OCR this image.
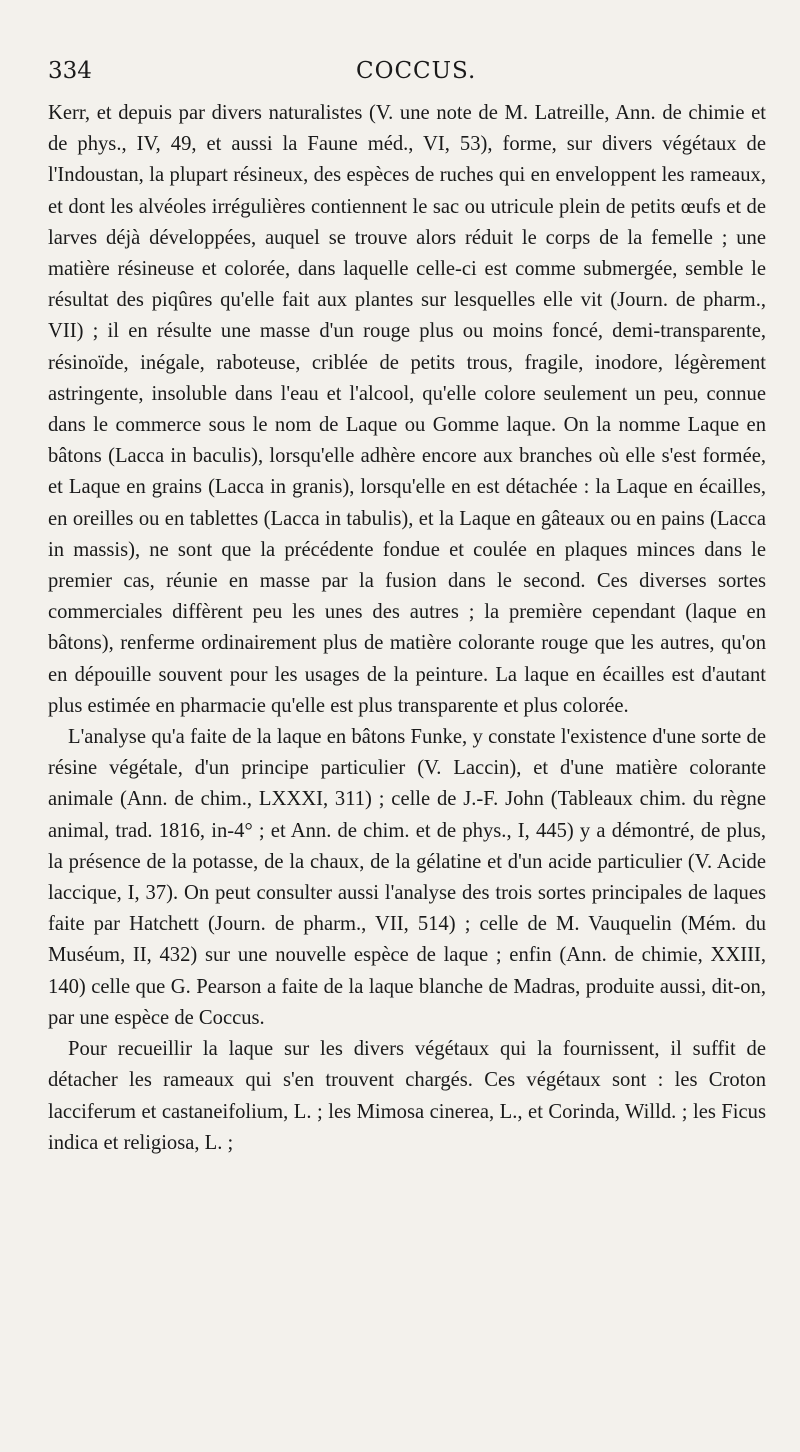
334	COCCUS.

Kerr, et depuis par divers naturalistes (V. une note de M. Latreille, Ann. de chimie et de phys., IV, 49, et aussi la Faune méd., VI, 53), forme, sur divers végétaux de l'Indoustan, la plupart résineux, des espèces de ruches qui en enveloppent les rameaux, et dont les alvéoles irrégulières contiennent le sac ou utricule plein de petits œufs et de larves déjà développées, auquel se trouve alors réduit le corps de la femelle ; une matière résineuse et colorée, dans laquelle celle-ci est comme submergée, semble le résultat des piqûres qu'elle fait aux plantes sur lesquelles elle vit (Journ. de pharm., VII) ; il en résulte une masse d'un rouge plus ou moins foncé, demi-transparente, résinoïde, inégale, raboteuse, criblée de petits trous, fragile, inodore, légèrement astringente, insoluble dans l'eau et l'alcool, qu'elle colore seulement un peu, connue dans le commerce sous le nom de Laque ou Gomme laque. On la nomme Laque en bâtons (Lacca in baculis), lorsqu'elle adhère encore aux branches où elle s'est formée, et Laque en grains (Lacca in granis), lorsqu'elle en est détachée : la Laque en écailles, en oreilles ou en tablettes (Lacca in tabulis), et la Laque en gâteaux ou en pains (Lacca in massis), ne sont que la précédente fondue et coulée en plaques minces dans le premier cas, réunie en masse par la fusion dans le second. Ces diverses sortes commerciales diffèrent peu les unes des autres ; la première cependant (laque en bâtons), renferme ordinairement plus de matière colorante rouge que les autres, qu'on en dépouille souvent pour les usages de la peinture. La laque en écailles est d'autant plus estimée en pharmacie qu'elle est plus transparente et plus colorée.

L'analyse qu'a faite de la laque en bâtons Funke, y constate l'existence d'une sorte de résine végétale, d'un principe particulier (V. Laccin), et d'une matière colorante animale (Ann. de chim., LXXXI, 311) ; celle de J.-F. John (Tableaux chim. du règne animal, trad. 1816, in-4° ; et Ann. de chim. et de phys., I, 445) y a démontré, de plus, la présence de la potasse, de la chaux, de la gélatine et d'un acide particulier (V. Acide laccique, I, 37). On peut consulter aussi l'analyse des trois sortes principales de laques faite par Hatchett (Journ. de pharm., VII, 514) ; celle de M. Vauquelin (Mém. du Muséum, II, 432) sur une nouvelle espèce de laque ; enfin (Ann. de chimie, XXIII, 140) celle que G. Pearson a faite de la laque blanche de Madras, produite aussi, dit-on, par une espèce de Coccus.

Pour recueillir la laque sur les divers végétaux qui la fournissent, il suffit de détacher les rameaux qui s'en trouvent chargés. Ces végétaux sont : les Croton lacciferum et castaneifolium, L. ; les Mimosa cinerea, L., et Corinda, Willd. ; les Ficus indica et religiosa, L. ;
